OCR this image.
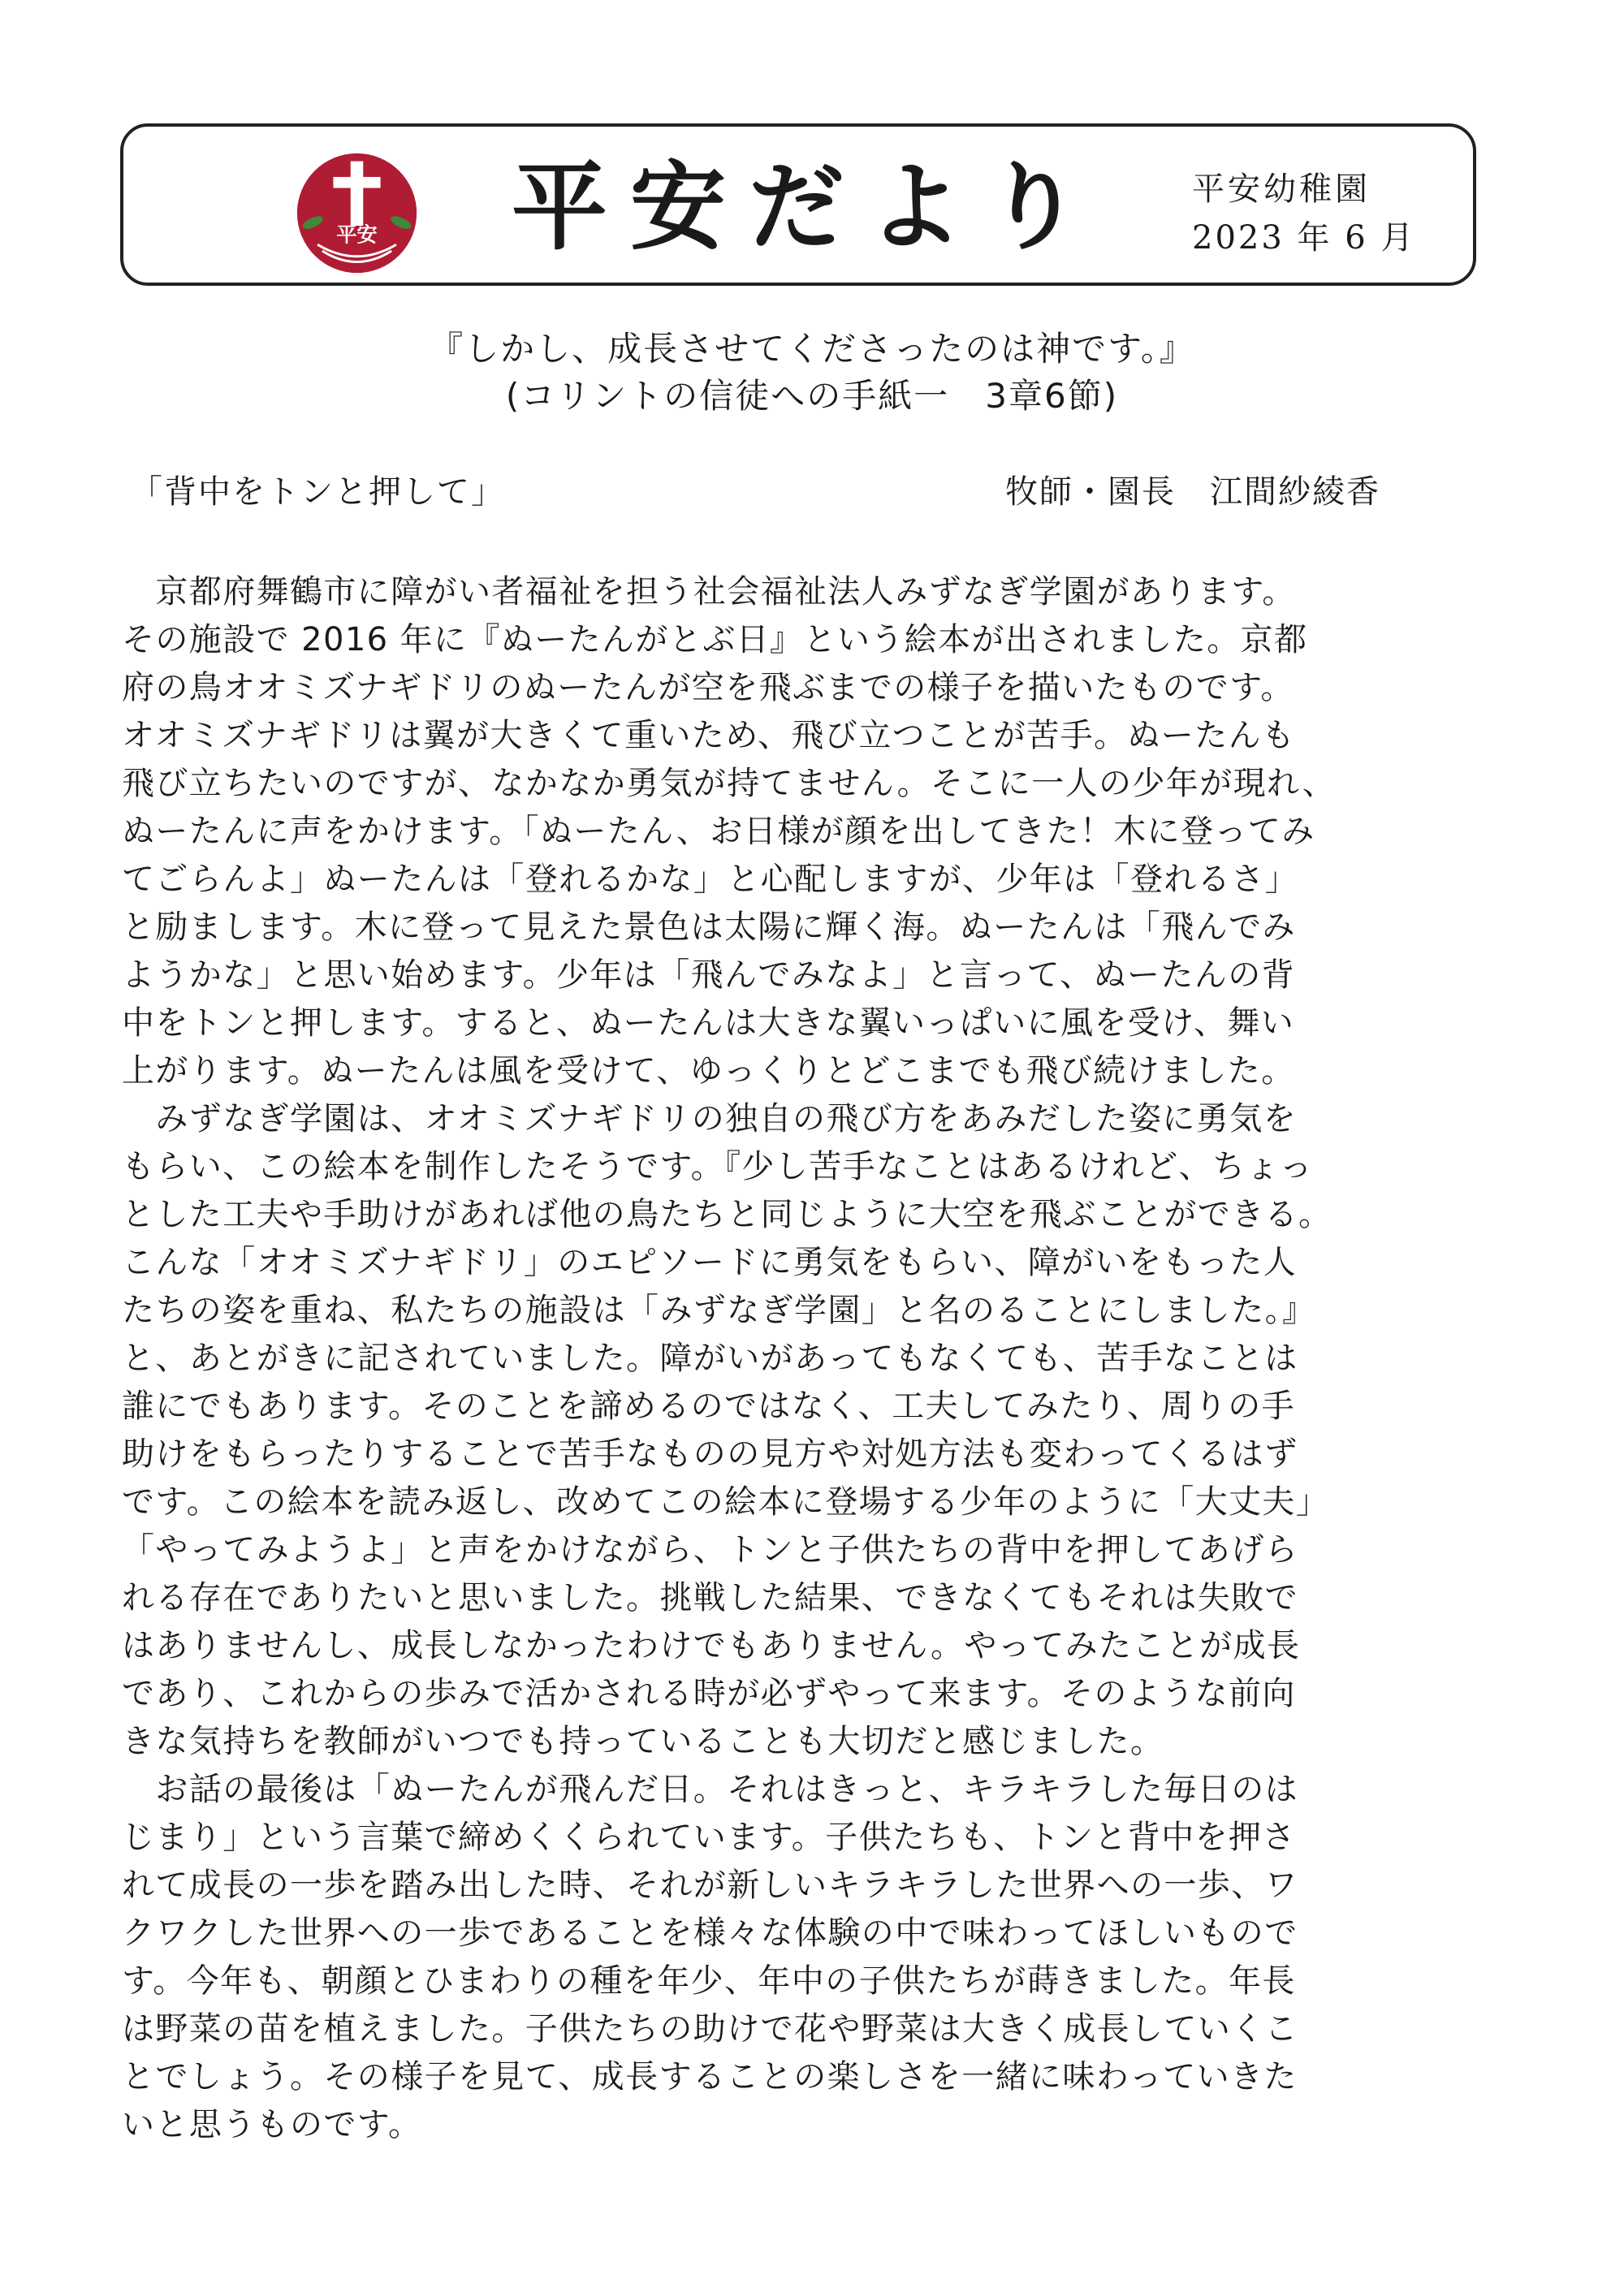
平安 平安だより	平安幼稚園
2023 年 6 月
『しかし、成長させてくださったのは神です。』
(コリントの信徒への手紙一　3章6節)
「背中をトンと押して」	牧師・園長 江間紗綾香
　京都府舞鶴市に障がい者福祉を担う社会福祉法人みずなぎ学園があります。
その施設で 2016 年に『ぬーたんがとぶ日』という絵本が出されました。京都
府の鳥オオミズナギドリのぬーたんが空を飛ぶまでの様子を描いたものです。
オオミズナギドリは翼が大きくて重いため、飛び立つことが苦手。ぬーたんも
飛び立ちたいのですが、なかなか勇気が持てません。そこに一人の少年が現れ、
ぬーたんに声をかけます。「ぬーたん、お日様が顔を出してきた！木に登ってみ
てごらんよ」ぬーたんは「登れるかな」と心配しますが、少年は「登れるさ」
と励まします。木に登って見えた景色は太陽に輝く海。ぬーたんは「飛んでみ
ようかな」と思い始めます。少年は「飛んでみなよ」と言って、ぬーたんの背
中をトンと押します。すると、ぬーたんは大きな翼いっぱいに風を受け、舞い
上がります。ぬーたんは風を受けて、ゆっくりとどこまでも飛び続けました。
　みずなぎ学園は、オオミズナギドリの独自の飛び方をあみだした姿に勇気を
もらい、この絵本を制作したそうです。『少し苦手なことはあるけれど、ちょっ
とした工夫や手助けがあれば他の鳥たちと同じように大空を飛ぶことができる。
こんな「オオミズナギドリ」のエピソードに勇気をもらい、障がいをもった人
たちの姿を重ね、私たちの施設は「みずなぎ学園」と名のることにしました。』
と、あとがきに記されていました。障がいがあってもなくても、苦手なことは
誰にでもあります。そのことを諦めるのではなく、工夫してみたり、周りの手
助けをもらったりすることで苦手なものの見方や対処方法も変わってくるはず
です。この絵本を読み返し、改めてこの絵本に登場する少年のように「大丈夫」
「やってみようよ」と声をかけながら、トンと子供たちの背中を押してあげら
れる存在でありたいと思いました。挑戦した結果、できなくてもそれは失敗で
はありませんし、成長しなかったわけでもありません。やってみたことが成長
であり、これからの歩みで活かされる時が必ずやって来ます。そのような前向
きな気持ちを教師がいつでも持っていることも大切だと感じました。
　お話の最後は「ぬーたんが飛んだ日。それはきっと、キラキラした毎日のは
じまり」という言葉で締めくくられています。子供たちも、トンと背中を押さ
れて成長の一歩を踏み出した時、それが新しいキラキラした世界への一歩、ワ
クワクした世界への一歩であることを様々な体験の中で味わってほしいもので
す。今年も、朝顔とひまわりの種を年少、年中の子供たちが蒔きました。年長
は野菜の苗を植えました。子供たちの助けで花や野菜は大きく成長していくこ
とでしょう。その様子を見て、成長することの楽しさを一緒に味わっていきた
いと思うものです。
